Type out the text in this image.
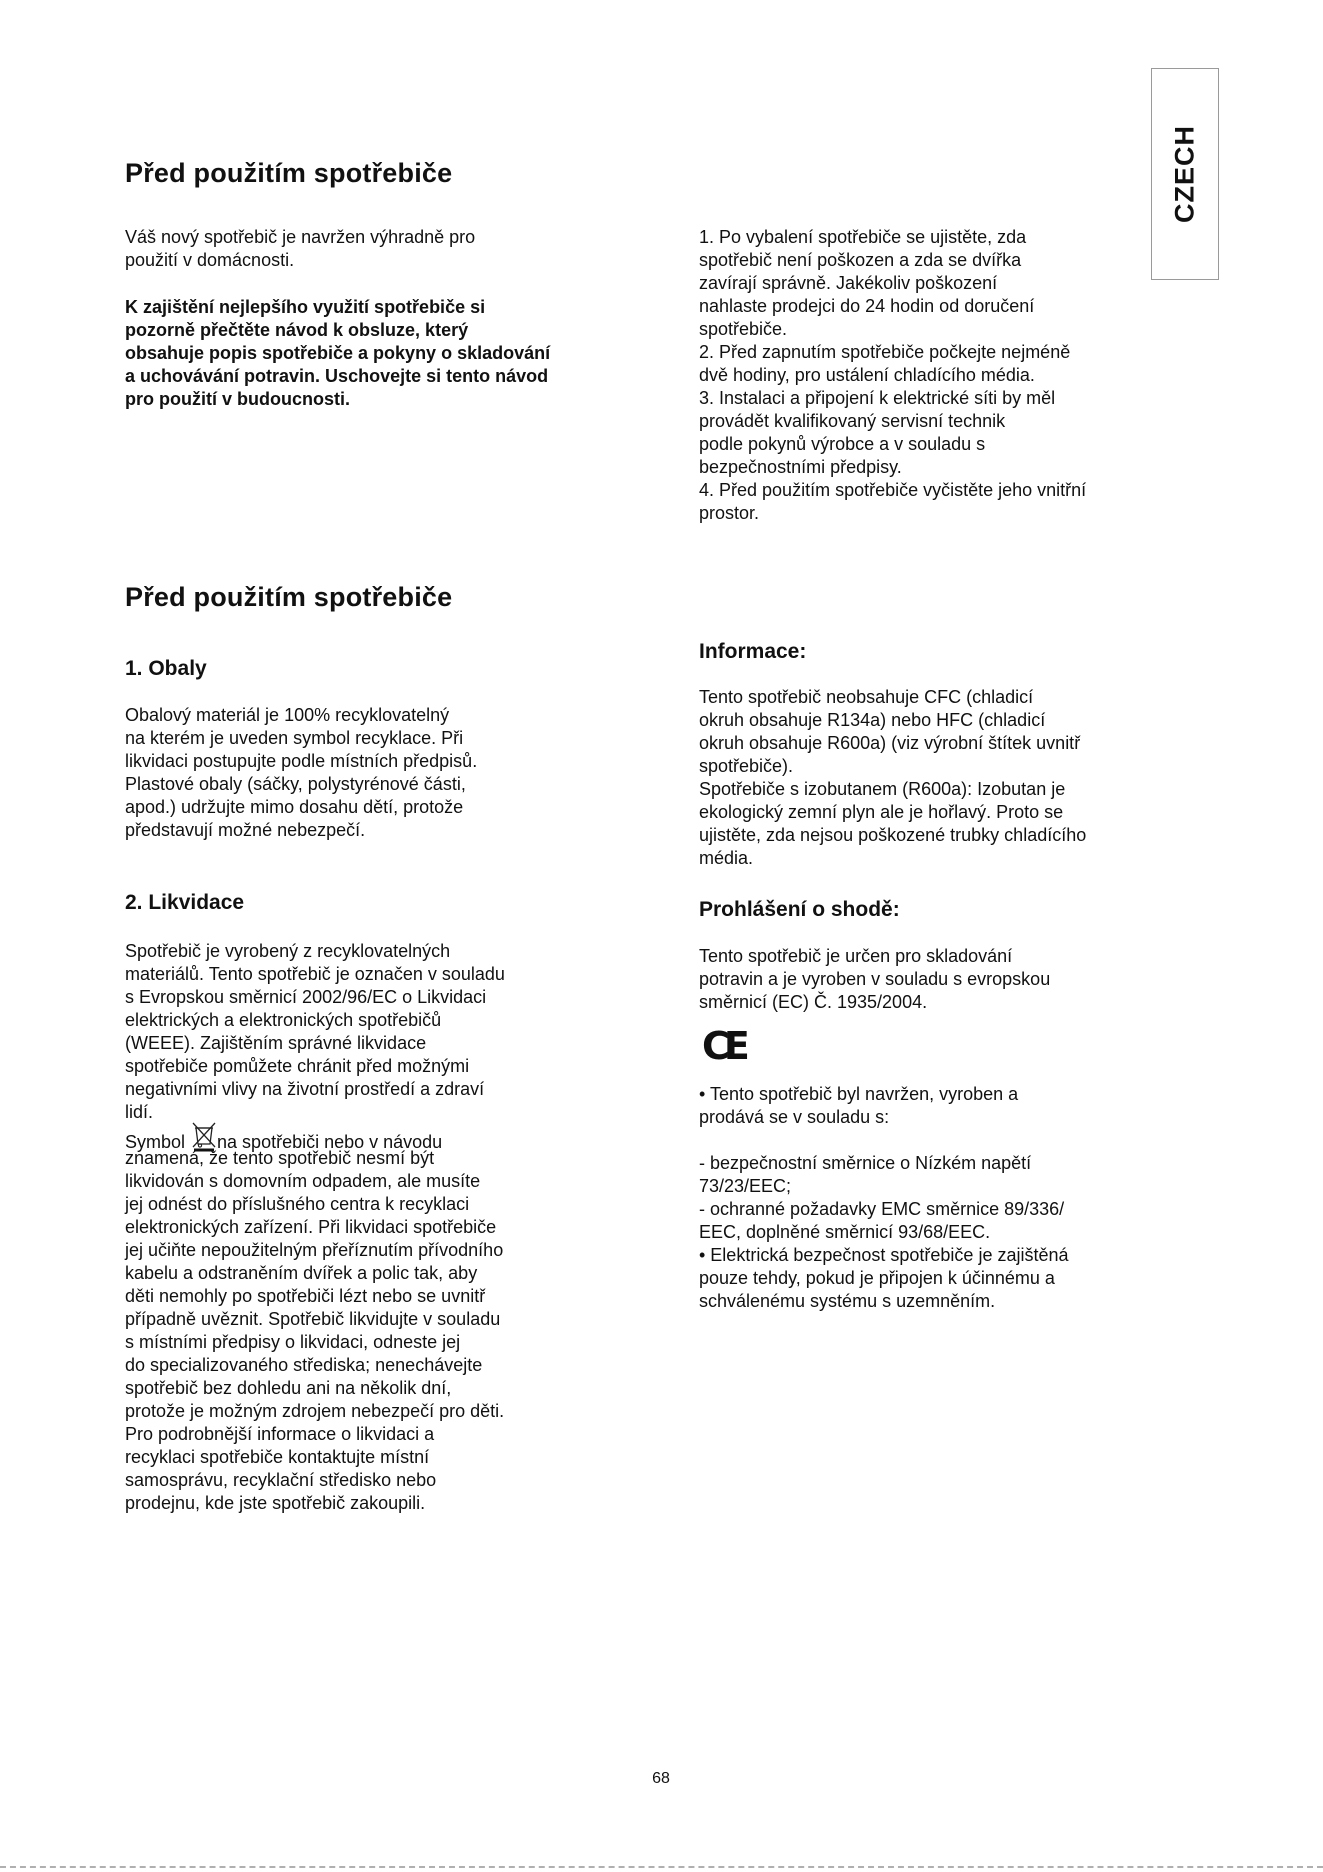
CZECH
Před použitím spotřebiče
Váš nový spotřebič je navržen výhradně pro
použití v domácnosti.
K zajištění nejlepšího využití spotřebiče si
pozorně přečtěte návod k obsluze, který
obsahuje popis spotřebiče a pokyny o skladování
a uchovávání potravin. Uschovejte si tento návod
pro použití v budoucnosti.
1. Po vybalení spotřebiče se ujistěte, zda
spotřebič není poškozen a zda se dvířka
zavírají správně. Jakékoliv poškození
nahlaste prodejci do 24 hodin od doručení
spotřebiče.
2. Před zapnutím spotřebiče počkejte nejméně
dvě hodiny, pro ustálení chladícího média.
3. Instalaci a připojení k elektrické síti by měl
provádět kvalifikovaný servisní technik
podle pokynů výrobce a v souladu s
bezpečnostními předpisy.
4. Před použitím spotřebiče vyčistěte jeho vnitřní
prostor.
Před použitím spotřebiče
1. Obaly
Obalový materiál je 100% recyklovatelný
na kterém je uveden symbol recyklace. Při
likvidaci postupujte podle místních předpisů.
Plastové obaly (sáčky, polystyrénové části,
apod.) udržujte mimo dosahu dětí, protože
představují možné nebezpečí.
2. Likvidace
Spotřebič je vyrobený z recyklovatelných
materiálů. Tento spotřebič je označen v souladu
s Evropskou směrnicí 2002/96/EC o Likvidaci
elektrických a elektronických spotřebičů
(WEEE). Zajištěním správné likvidace
spotřebiče pomůžete chránit před možnými
negativními vlivy na životní prostředí a zdraví
lidí.
Symbol na spotřebiči nebo v návodu
znamená, že tento spotřebič nesmí být
likvidován s domovním odpadem, ale musíte
jej odnést do příslušného centra k recyklaci
elektronických zařízení. Při likvidaci spotřebiče
jej učiňte nepoužitelným přeříznutím přívodního
kabelu a odstraněním dvířek a polic tak, aby
děti nemohly po spotřebiči lézt nebo se uvnitř
případně uvěznit. Spotřebič likvidujte v souladu
s místními předpisy o likvidaci, odneste jej
do specializovaného střediska; nenechávejte
spotřebič bez dohledu ani na několik dní,
protože je možným zdrojem nebezpečí pro děti.
Pro podrobnější informace o likvidaci a
recyklaci spotřebiče kontaktujte místní
samosprávu, recyklační středisko nebo
prodejnu, kde jste spotřebič zakoupili.
Informace:
Tento spotřebič neobsahuje CFC (chladicí
okruh obsahuje R134a) nebo HFC (chladicí
okruh obsahuje R600a) (viz výrobní štítek uvnitř
spotřebiče).
Spotřebiče s izobutanem (R600a): Izobutan je
ekologický zemní plyn ale je hořlavý. Proto se
ujistěte, zda nejsou poškozené trubky chladícího
média.
Prohlášení o shodě:
Tento spotřebič je určen pro skladování
potravin a je vyroben v souladu s evropskou
směrnicí (EC) Č. 1935/2004.
CE
• Tento spotřebič byl navržen, vyroben a
prodává se v souladu s:

- bezpečnostní směrnice o Nízkém napětí
73/23/EEC;
- ochranné požadavky EMC směrnice 89/336/
EEC, doplněné směrnicí 93/68/EEC.
• Elektrická bezpečnost spotřebiče je zajištěná
pouze tehdy, pokud je připojen k účinnému a
schválenému systému s uzemněním.
68
